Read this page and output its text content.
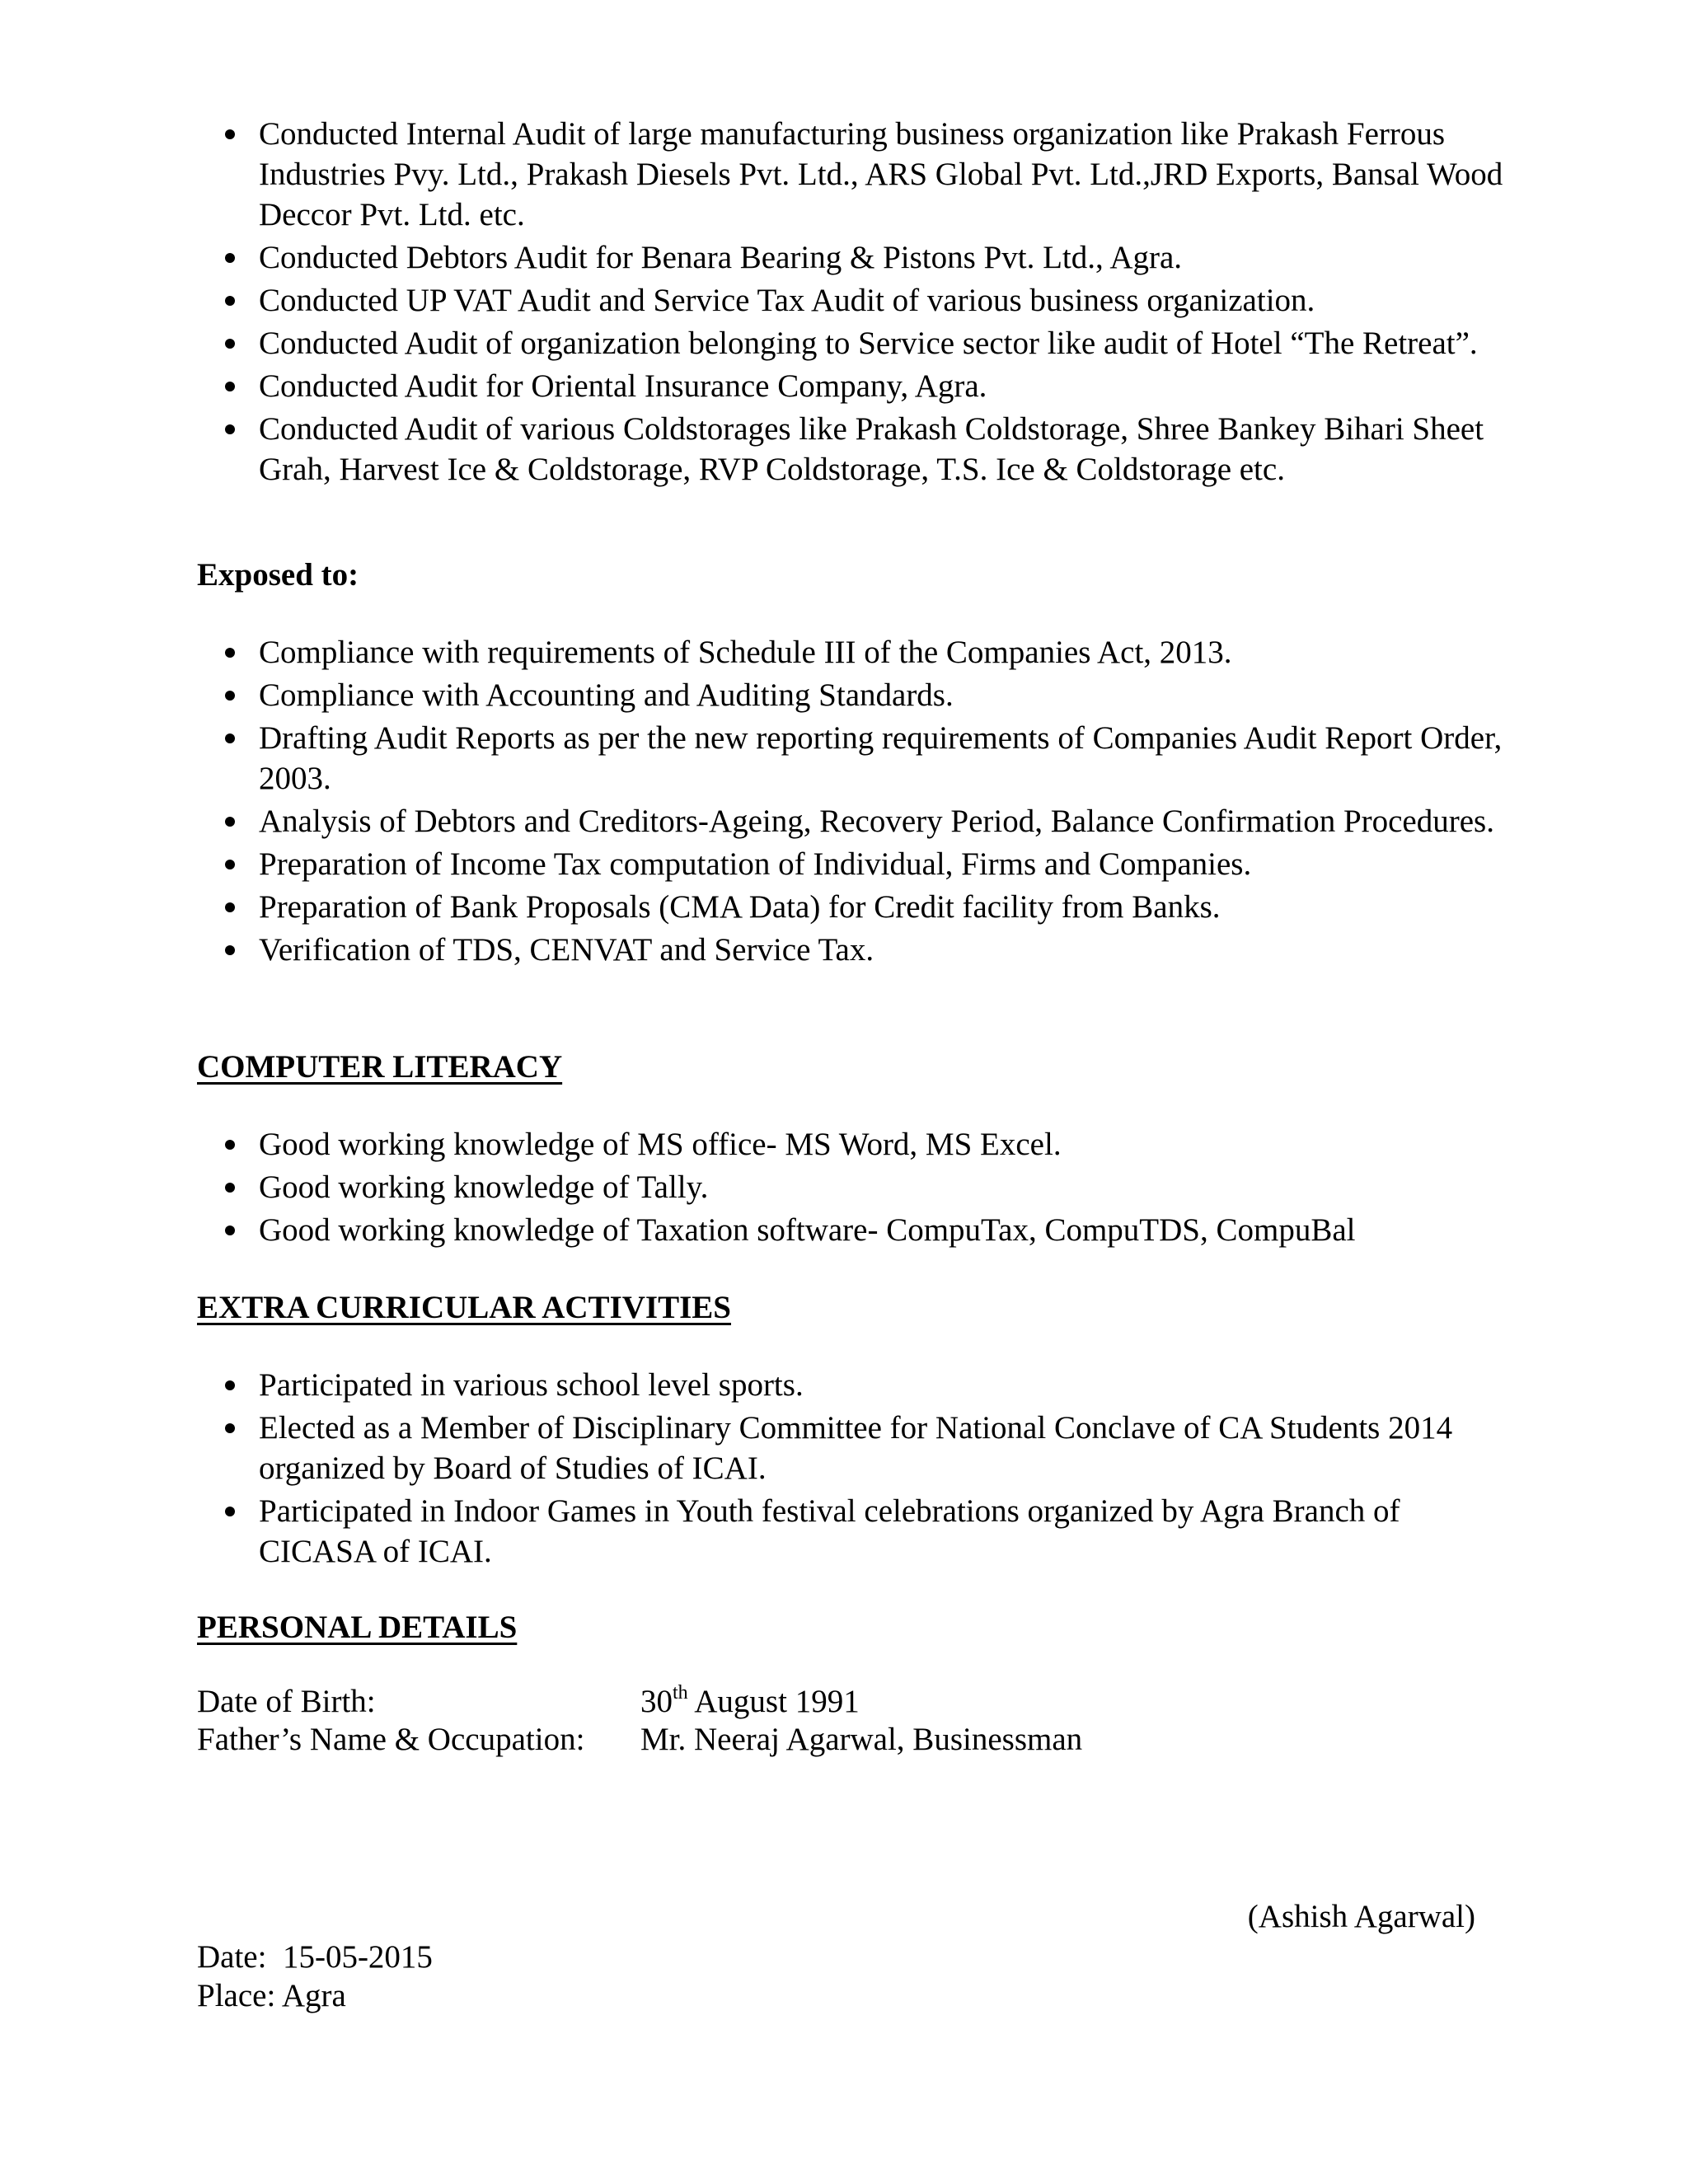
Conducted Internal Audit of large manufacturing business organization like Prakash Ferrous Industries Pvy. Ltd., Prakash Diesels Pvt. Ltd., ARS Global Pvt. Ltd.,JRD Exports, Bansal Wood Deccor Pvt. Ltd. etc.
Conducted Debtors Audit for Benara Bearing & Pistons Pvt. Ltd., Agra.
Conducted UP VAT Audit and Service Tax Audit of various business organization.
Conducted Audit of organization belonging to Service sector like audit of Hotel “The Retreat”.
Conducted Audit for Oriental Insurance Company, Agra.
Conducted Audit of various Coldstorages like Prakash Coldstorage, Shree Bankey Bihari Sheet Grah, Harvest Ice & Coldstorage, RVP Coldstorage, T.S. Ice & Coldstorage etc.
Exposed to:
Compliance with requirements of Schedule III of the Companies Act, 2013.
Compliance with Accounting and Auditing Standards.
Drafting Audit Reports as per the new reporting requirements of Companies Audit Report Order, 2003.
Analysis of Debtors and Creditors-Ageing, Recovery Period, Balance Confirmation Procedures.
Preparation of Income Tax computation of Individual, Firms and Companies.
Preparation of Bank Proposals (CMA Data) for Credit facility from Banks.
Verification of TDS, CENVAT and Service Tax.
COMPUTER LITERACY
Good working knowledge of MS office- MS Word, MS Excel.
Good working knowledge of Tally.
Good working knowledge of Taxation software- CompuTax, CompuTDS, CompuBal
EXTRA CURRICULAR ACTIVITIES
Participated in various school level sports.
Elected as a Member of Disciplinary Committee for National Conclave of CA Students 2014 organized by Board of Studies of ICAI.
Participated in Indoor Games in Youth festival celebrations organized by Agra Branch of CICASA of ICAI.
PERSONAL DETAILS
Date of Birth:	30th August 1991
Father’s Name & Occupation: Mr. Neeraj Agarwal, Businessman
(Ashish Agarwal)
Date:  15-05-2015
Place: Agra
